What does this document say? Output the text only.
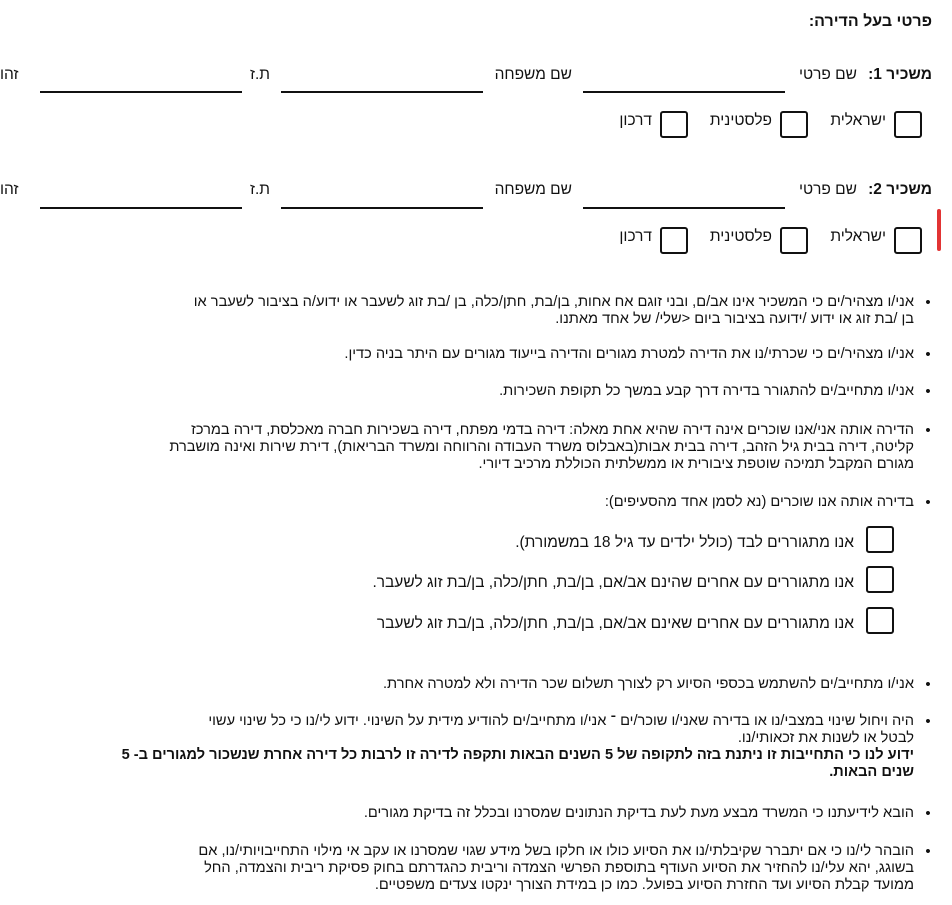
פרטי בעל הדירה:
משכיר 1:
שם פרטי
שם משפחה
ת.ז
זהו
ישראלית
פלסטינית
דרכון
משכיר 2:
שם פרטי
שם משפחה
ת.ז
זהו
ישראלית
פלסטינית
דרכון
•
אני/ו מצהיר/ים כי המשכיר אינו אב/ם, ובני זוגם אח אחות, בן/בת, חתן/כלה, בן /בת זוג לשעבר או ידוע/ה בציבור לשעבר או
בן /בת זוג או ידוע /ידועה בציבור ביום <שלי/ של אחד מאתנו.
•
אני/ו מצהיר/ים כי שכרתי/נו את הדירה למטרת מגורים והדירה בייעוד מגורים עם היתר בניה כדין.
•
אני/ו מתחייב/ים להתגורר בדירה דרך קבע במשך כל תקופת השכירות.
•
הדירה אותה אני/אנו שוכרים אינה דירה שהיא אחת מאלה: דירה בדמי מפתח, דירה בשכירות חברה מאכלסת, דירה במרכז
קליטה, דירה בבית גיל הזהב, דירה בבית אבות(באבלוס משרד העבודה והרווחה ומשרד הבריאות), דירת שירות ואינה מושברת
מגורם המקבל תמיכה שוטפת ציבורית או ממשלתית הכוללת מרכיב דיורי.
•
בדירה אותה אנו שוכרים (נא לסמן אחד מהסעיפים):
אנו מתגוררים לבד (כולל ילדים עד גיל 18 במשמורת).
אנו מתגוררים עם אחרים שהינם אב/אם, בן/בת, חתן/כלה, בן/בת זוג לשעבר.
אנו מתגוררים עם אחרים שאינם אב/אם, בן/בת, חתן/כלה, בן/בת זוג לשעבר
•
אני/ו מתחייב/ים להשתמש בכספי הסיוע רק לצורך תשלום שכר הדירה ולא למטרה אחרת.
•
היה ויחול שינוי במצבי/נו או בדירה שאני/ו שוכר/ים ־ אני/ו מתחייב/ים להודיע מידית על השינוי. ידוע לי/נו כי כל שינוי עשוי
לבטל או לשנות את זכאותי/נו.
ידוע לנו כי התחייבות זו ניתנת בזה לתקופה של 5 השנים הבאות ותקפה לדירה זו לרבות כל דירה אחרת שנשכור למגורים ב- 5
שנים הבאות.
•
הובא לידיעתנו כי המשרד מבצע מעת לעת בדיקת הנתונים שמסרנו ובכלל זה בדיקת מגורים.
•
הובהר לי/נו כי אם יתברר שקיבלתי/נו את הסיוע כולו או חלקו בשל מידע שגוי שמסרנו או עקב אי מילוי התחייבויותי/נו, אם
בשוגג, יהא עלי/נו להחזיר את הסיוע העודף בתוספת הפרשי הצמדה וריבית כהגדרתם בחוק פסיקת ריבית והצמדה, החל
ממועד קבלת הסיוע ועד החזרת הסיוע בפועל. כמו כן במידת הצורך ינקטו צעדים משפטיים.
